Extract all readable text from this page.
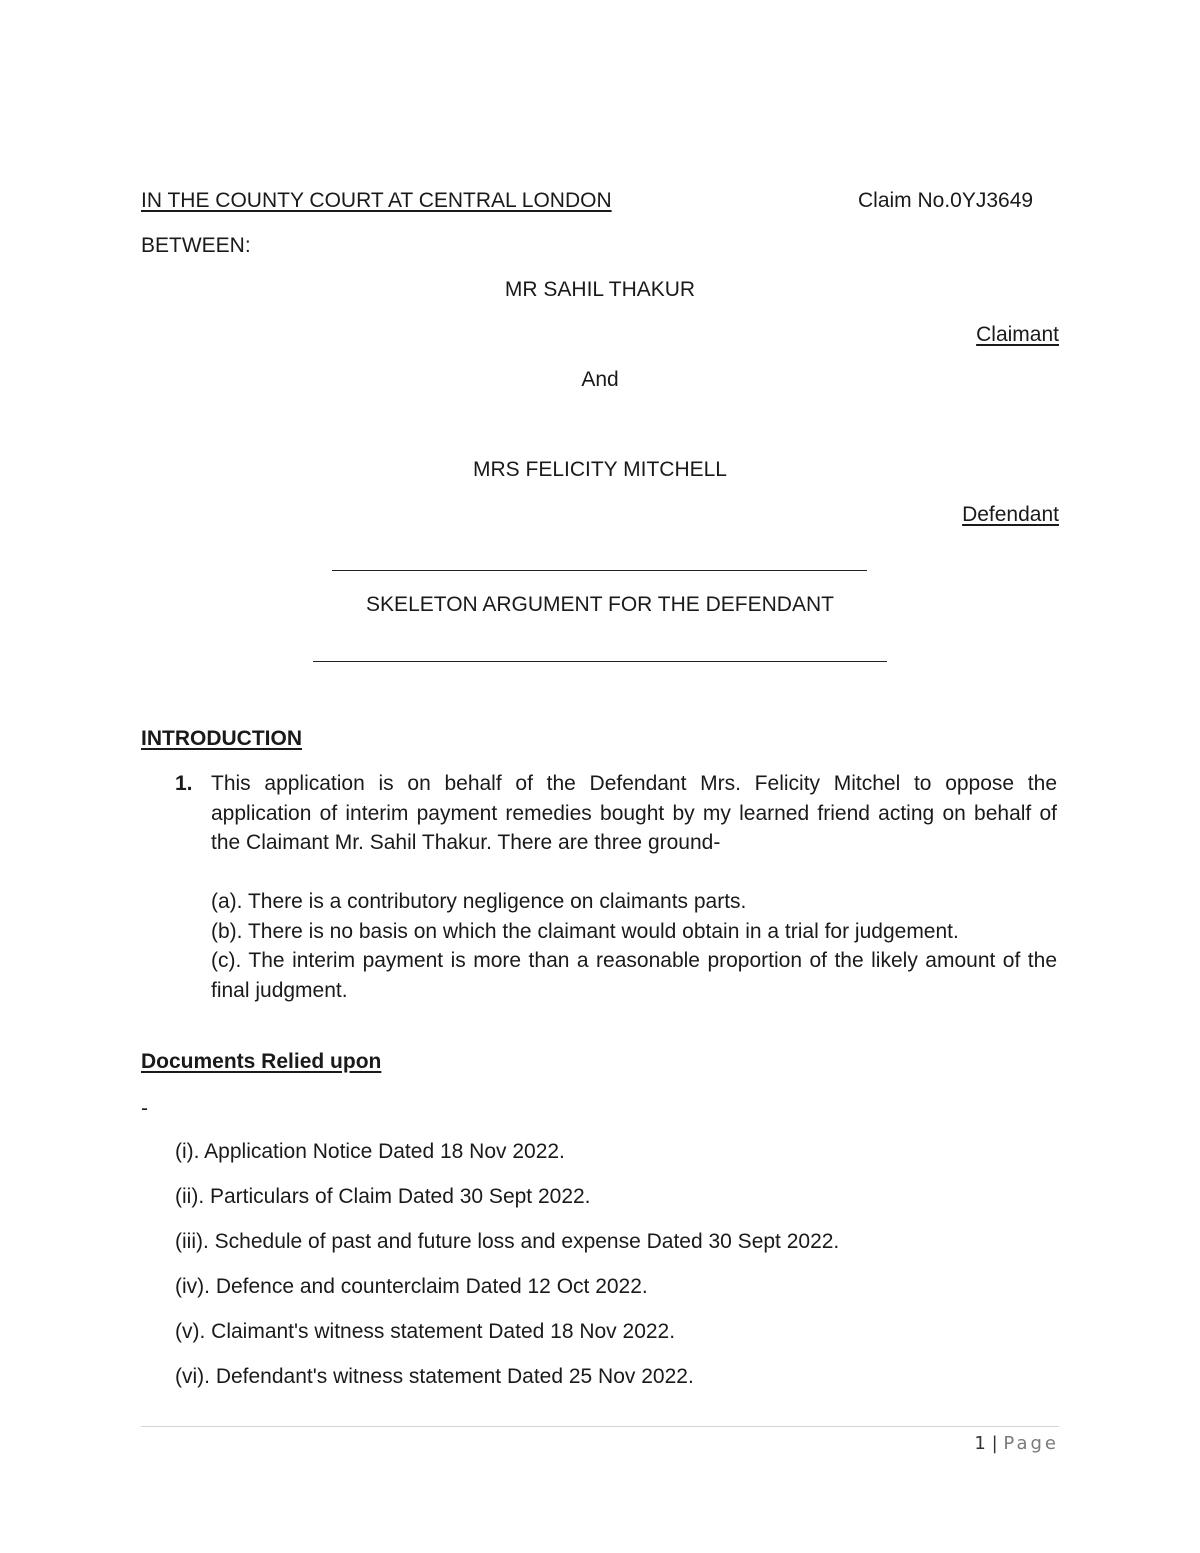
IN THE COUNTY COURT AT CENTRAL LONDON	Claim No.0YJ3649
BETWEEN:
MR SAHIL THAKUR
Claimant
And
MRS FELICITY MITCHELL
Defendant
SKELETON ARGUMENT FOR THE DEFENDANT
INTRODUCTION
1. This application is on behalf of the Defendant Mrs. Felicity Mitchel to oppose the application of interim payment remedies bought by my learned friend acting on behalf of the Claimant Mr. Sahil Thakur. There are three ground-
(a). There is a contributory negligence on claimants parts.
(b). There is no basis on which the claimant would obtain in a trial for judgement.
(c). The interim payment is more than a reasonable proportion of the likely amount of the final judgment.
Documents Relied upon
-
(i). Application Notice Dated 18 Nov 2022.
(ii). Particulars of Claim Dated 30 Sept 2022.
(iii). Schedule of past and future loss and expense Dated 30 Sept 2022.
(iv). Defence and counterclaim Dated 12 Oct 2022.
(v). Claimant's witness statement Dated 18 Nov 2022.
(vi). Defendant's witness statement Dated 25 Nov 2022.
1 | Page
